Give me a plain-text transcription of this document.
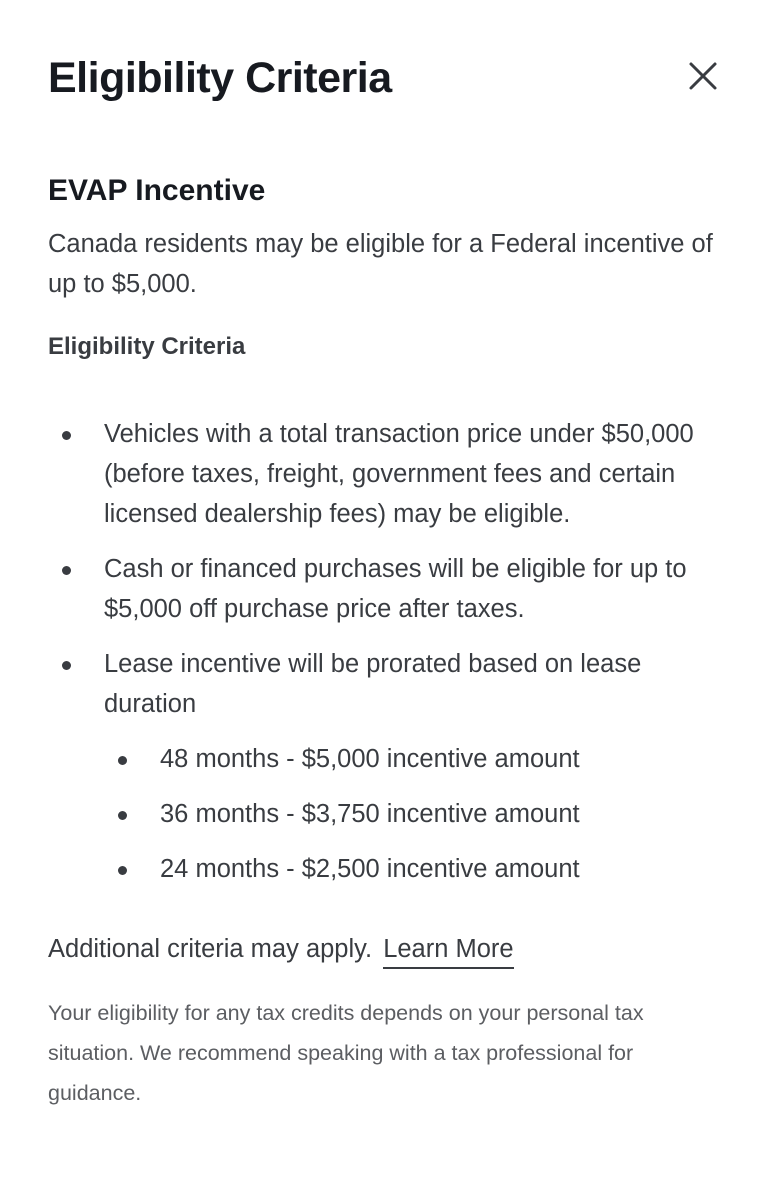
Eligibility Criteria
EVAP Incentive

Canada residents may be eligible for a Federal incentive of up to $5,000.

Eligibility Criteria
Vehicles with a total transaction price under $50,000 (before taxes, freight, government fees and certain licensed dealership fees) may be eligible.
Cash or financed purchases will be eligible for up to $5,000 off purchase price after taxes.
Lease incentive will be prorated based on lease duration
48 months - $5,000 incentive amount
36 months - $3,750 incentive amount
24 months - $2,500 incentive amount

Additional criteria may apply. Learn More

Your eligibility for any tax credits depends on your personal tax situation. We recommend speaking with a tax professional for guidance.
